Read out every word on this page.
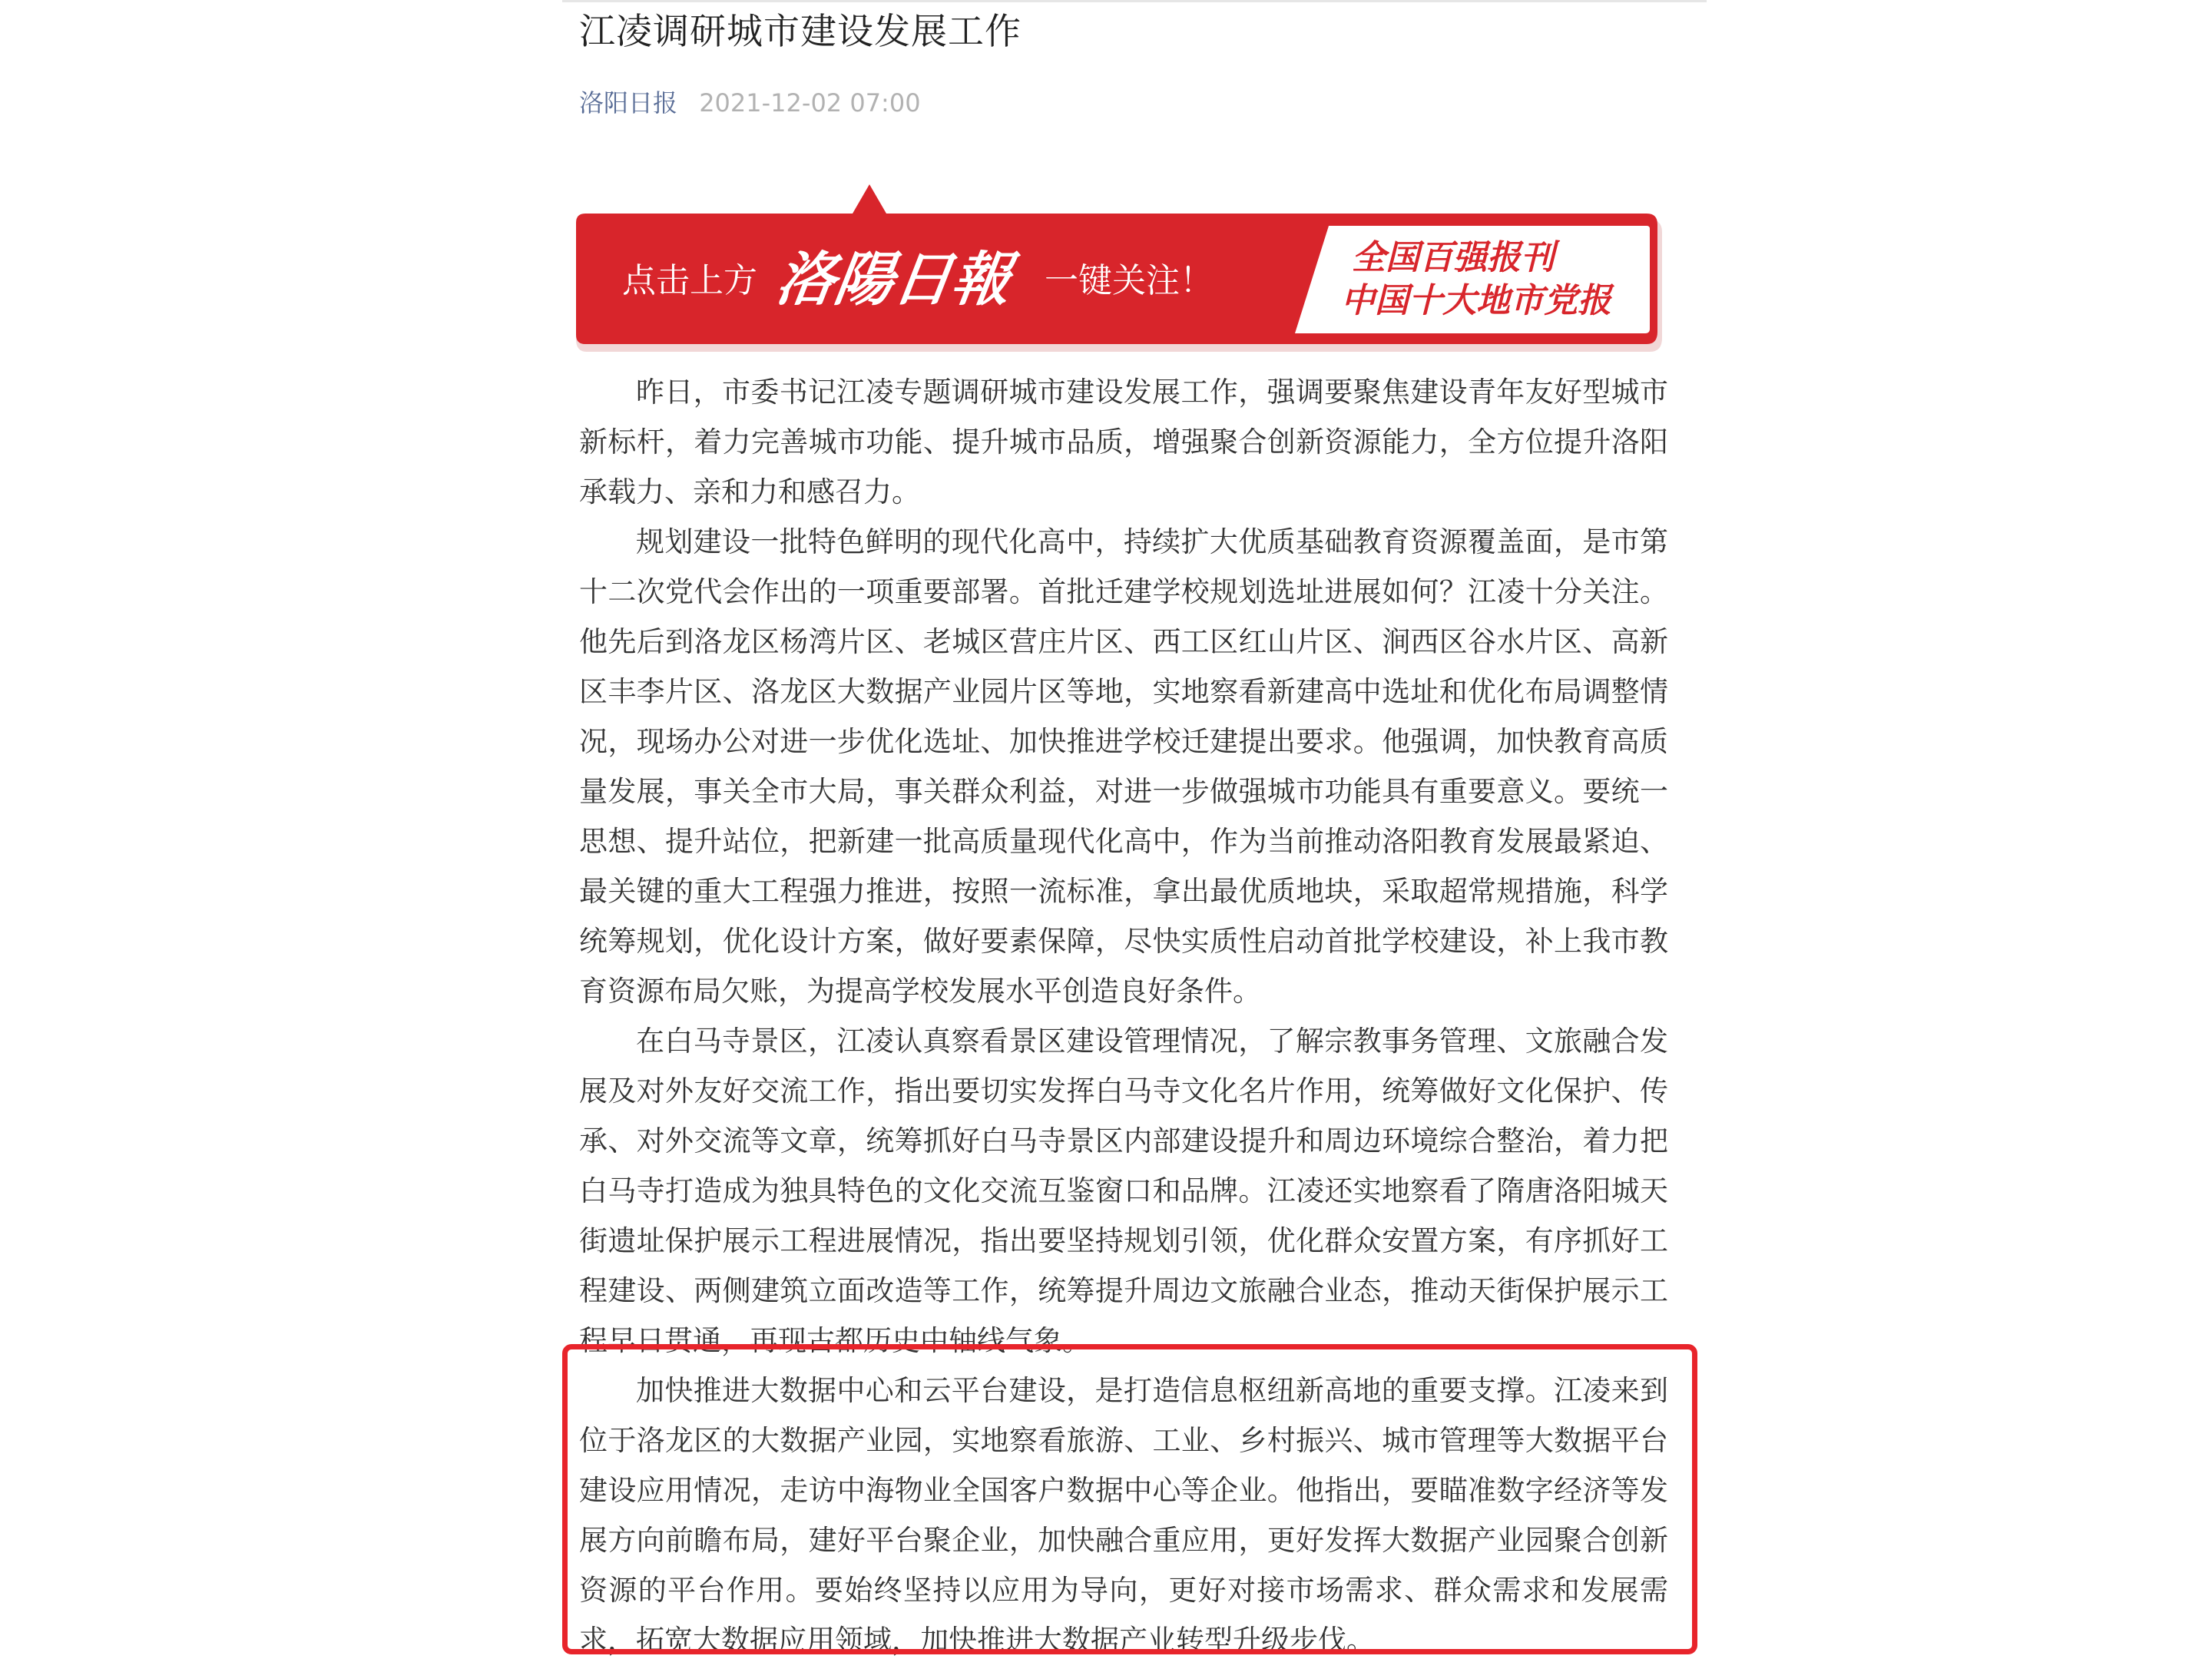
江凌调研城市建设发展工作
洛阳日报 2021-12-02 07:00
点击上方 洛陽日報 一键关注！
全国百强报刊
中国十大地市党报

昨日，市委书记江凌专题调研城市建设发展工作，强调要聚焦建设青年友好型城市新标杆，着力完善城市功能、提升城市品质，增强聚合创新资源能力，全方位提升洛阳承载力、亲和力和感召力。

规划建设一批特色鲜明的现代化高中，持续扩大优质基础教育资源覆盖面，是市第十二次党代会作出的一项重要部署。首批迁建学校规划选址进展如何？江凌十分关注。他先后到洛龙区杨湾片区、老城区营庄片区、西工区红山片区、涧西区谷水片区、高新区丰李片区、洛龙区大数据产业园片区等地，实地察看新建高中选址和优化布局调整情况，现场办公对进一步优化选址、加快推进学校迁建提出要求。他强调，加快教育高质量发展，事关全市大局，事关群众利益，对进一步做强城市功能具有重要意义。要统一思想、提升站位，把新建一批高质量现代化高中，作为当前推动洛阳教育发展最紧迫、最关键的重大工程强力推进，按照一流标准，拿出最优质地块，采取超常规措施，科学统筹规划，优化设计方案，做好要素保障，尽快实质性启动首批学校建设，补上我市教育资源布局欠账，为提高学校发展水平创造良好条件。

在白马寺景区，江凌认真察看景区建设管理情况，了解宗教事务管理、文旅融合发展及对外友好交流工作，指出要切实发挥白马寺文化名片作用，统筹做好文化保护、传承、对外交流等文章，统筹抓好白马寺景区内部建设提升和周边环境综合整治，着力把白马寺打造成为独具特色的文化交流互鉴窗口和品牌。江凌还实地察看了隋唐洛阳城天街遗址保护展示工程进展情况，指出要坚持规划引领，优化群众安置方案，有序抓好工程建设、两侧建筑立面改造等工作，统筹提升周边文旅融合业态，推动天街保护展示工程早日贯通，再现古都历史中轴线气象。

加快推进大数据中心和云平台建设，是打造信息枢纽新高地的重要支撑。江凌来到位于洛龙区的大数据产业园，实地察看旅游、工业、乡村振兴、城市管理等大数据平台建设应用情况，走访中海物业全国客户数据中心等企业。他指出，要瞄准数字经济等发展方向前瞻布局，建好平台聚企业，加快融合重应用，更好发挥大数据产业园聚合创新资源的平台作用。要始终坚持以应用为导向，更好对接市场需求、群众需求和发展需求，拓宽大数据应用领域，加快推进大数据产业转型升级步伐。
